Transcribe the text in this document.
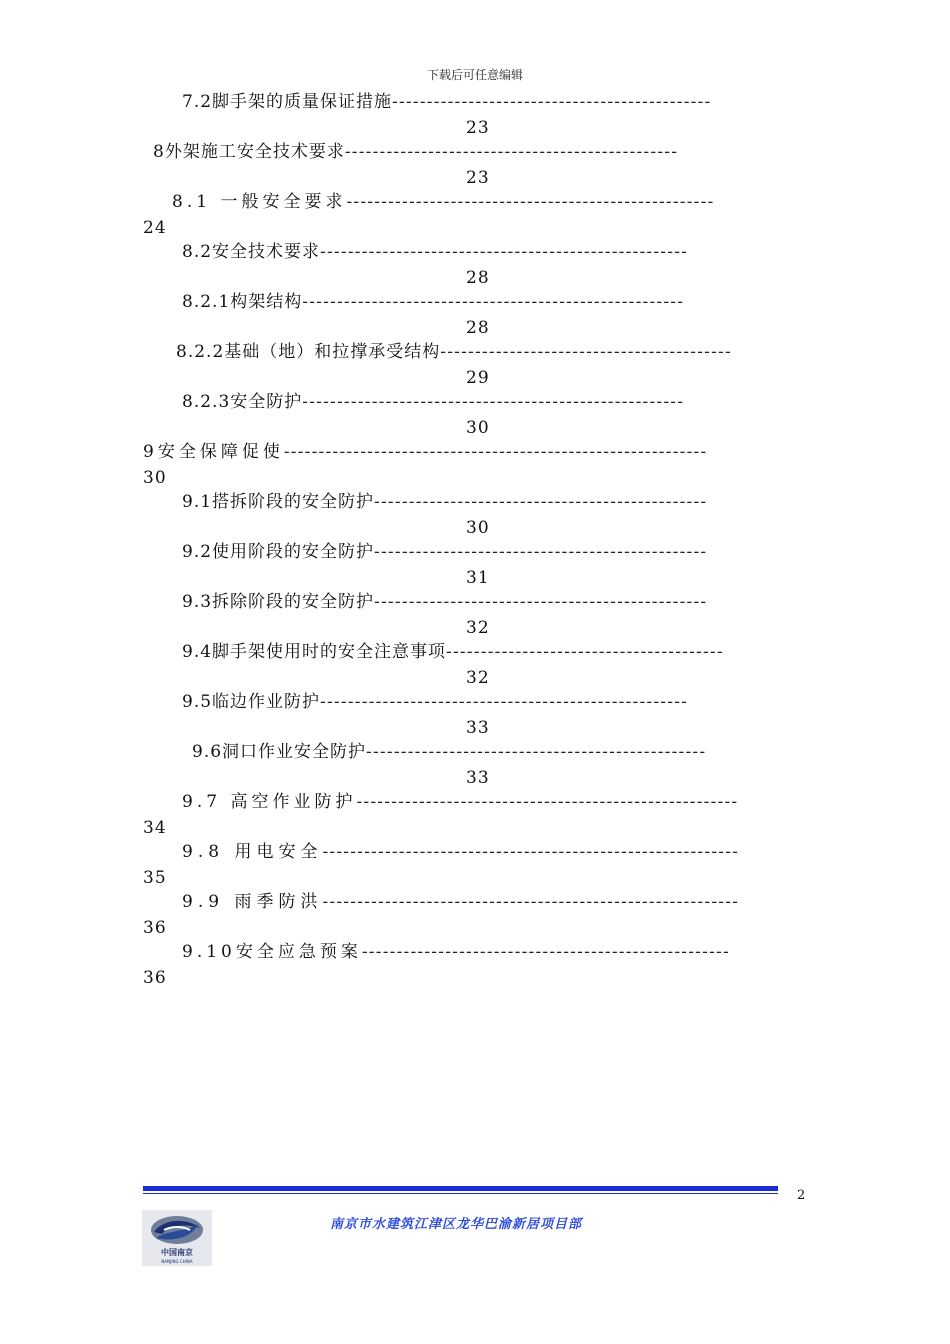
下载后可任意编辑
7.2脚手架的质量保证措施----------------------------------------------
23
8外架施工安全技术要求------------------------------------------------
23
8.1 一般安全要求-----------------------------------------------------
24
8.2安全技术要求-----------------------------------------------------
28
8.2.1构架结构-------------------------------------------------------
28
8.2.2基础（地）和拉撑承受结构------------------------------------------
29
8.2.3安全防护-------------------------------------------------------
30
9安全保障促使-------------------------------------------------------------
30
9.1搭拆阶段的安全防护------------------------------------------------
30
9.2使用阶段的安全防护------------------------------------------------
31
9.3拆除阶段的安全防护------------------------------------------------
32
9.4脚手架使用时的安全注意事项----------------------------------------
32
9.5临边作业防护-----------------------------------------------------
33
9.6洞口作业安全防护-------------------------------------------------
33
9.7 高空作业防护-------------------------------------------------------
34
9.8 用电安全------------------------------------------------------------
35
9.9 雨季防洪------------------------------------------------------------
36
9.10安全应急预案-----------------------------------------------------
36
2
中国南京
NANJING CHINA
南京市水建筑江津区龙华巴渝新居项目部
